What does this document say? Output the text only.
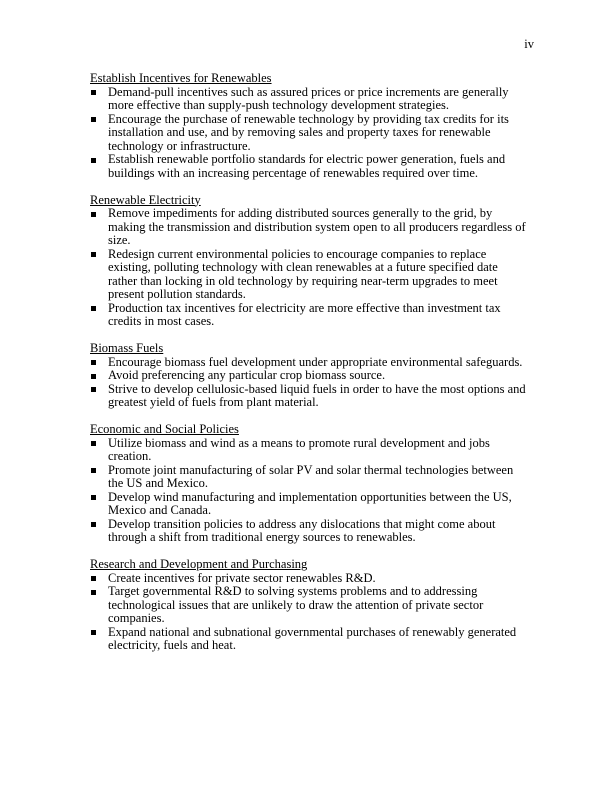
iv
Establish Incentives for Renewables
Demand-pull incentives such as assured prices or price increments are generally more effective than supply-push technology development strategies.
Encourage the purchase of renewable technology by providing tax credits for its installation and use, and by removing sales and property taxes for renewable technology or infrastructure.
Establish renewable portfolio standards for electric power generation, fuels and buildings with an increasing percentage of renewables required over time.
Renewable Electricity
Remove impediments for adding distributed sources generally to the grid, by making the transmission and distribution system open to all producers regardless of size.
Redesign current environmental policies to encourage companies to replace existing, polluting technology with clean renewables at a future specified date rather than locking in old technology by requiring near-term upgrades to meet present pollution standards.
Production tax incentives for electricity are more effective than investment tax credits in most cases.
Biomass Fuels
Encourage biomass fuel development under appropriate environmental safeguards.
Avoid preferencing any particular crop biomass source.
Strive to develop cellulosic-based liquid fuels in order to have the most options and greatest yield of fuels from plant material.
Economic and Social Policies
Utilize biomass and wind as a means to promote rural development and jobs creation.
Promote joint manufacturing of solar PV and solar thermal technologies between the US and Mexico.
Develop wind manufacturing and implementation opportunities between the US, Mexico and Canada.
Develop transition policies to address any dislocations that might come about through a shift from traditional energy sources to renewables.
Research and Development and Purchasing
Create incentives for private sector renewables R&D.
Target governmental R&D to solving systems problems and to addressing technological issues that are unlikely to draw the attention of private sector companies.
Expand national and subnational governmental purchases of renewably generated electricity, fuels and heat.
